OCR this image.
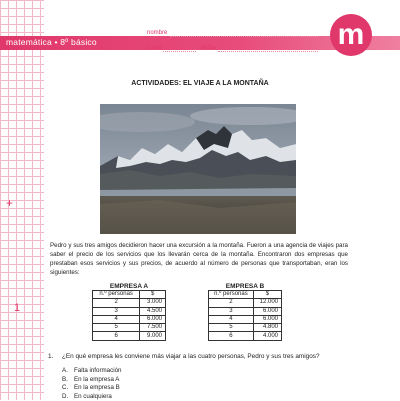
+
1
matemática • 8º básico
nombre
curso	fecha	m
ACTIVIDADES: EL VIAJE A LA MONTAÑA
Pedro y sus tres amigos decidieron hacer una excursión a la montaña. Fueron a una agencia de viajes para saber el precio de los servicios que los llevarán cerca de la montaña. Encontraron dos empresas que prestaban esos servicios y sus precios, de acuerdo al número de personas que transportaban, eran los siguientes:
EMPRESA A
n.º personas	$
2	3.000
3	4.500
4	6.000
5	7.500
6	9.000
EMPRESA B
n.º personas	$
2	12.000
3	6.000
4	6.000
5	4.800
6	4.000
1. ¿En qué empresa les conviene más viajar a las cuatro personas, Pedro y sus tres amigos?
A. Falta información
B. En la empresa A
C. En la empresa B
D. En cualquiera
